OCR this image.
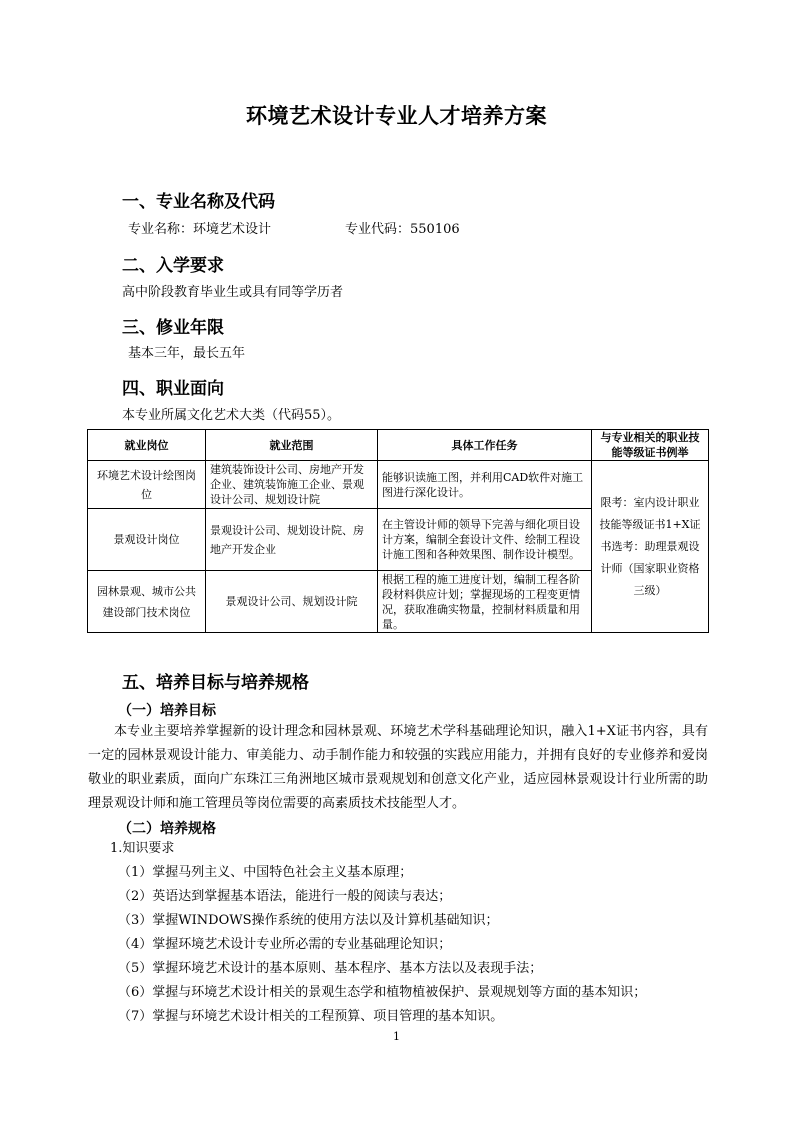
环境艺术设计专业人才培养方案
一、专业名称及代码
专业名称：环境艺术设计	专业代码：550106
二、入学要求
高中阶段教育毕业生或具有同等学历者
三、修业年限
基本三年，最长五年
四、职业面向
本专业所属文化艺术大类（代码55）。
就业岗位	就业范围	具体工作任务	与专业相关的职业技能等级证书例举
环境艺术设计绘图岗位	建筑装饰设计公司、房地产开发企业、建筑装饰施工企业、景观设计公司、规划设计院	能够识读施工图，并利用CAD软件对施工图进行深化设计。	限考：室内设计职业技能等级证书1+X证书选考：助理景观设计师（国家职业资格三级）
景观设计岗位	景观设计公司、规划设计院、房地产开发企业	在主管设计师的领导下完善与细化项目设计方案，编制全套设计文件、绘制工程设计施工图和各种效果图、制作设计模型。	
园林景观、城市公共建设部门技术岗位	景观设计公司、规划设计院	根据工程的施工进度计划，编制工程各阶段材料供应计划；掌握现场的工程变更情况，获取准确实物量，控制材料质量和用量。	
五、培养目标与培养规格
（一）培养目标
本专业主要培养掌握新的设计理念和园林景观、环境艺术学科基础理论知识，融入1+X证书内容，具有一定的园林景观设计能力、审美能力、动手制作能力和较强的实践应用能力，并拥有良好的专业修养和爱岗敬业的职业素质，面向广东珠江三角洲地区城市景观规划和创意文化产业，适应园林景观设计行业所需的助理景观设计师和施工管理员等岗位需要的高素质技术技能型人才。
（二）培养规格
1.知识要求
（1）掌握马列主义、中国特色社会主义基本原理；
（2）英语达到掌握基本语法，能进行一般的阅读与表达；
（3）掌握WINDOWS操作系统的使用方法以及计算机基础知识；
（4）掌握环境艺术设计专业所必需的专业基础理论知识；
（5）掌握环境艺术设计的基本原则、基本程序、基本方法以及表现手法；
（6）掌握与环境艺术设计相关的景观生态学和植物植被保护、景观规划等方面的基本知识；
（7）掌握与环境艺术设计相关的工程预算、项目管理的基本知识。
1
